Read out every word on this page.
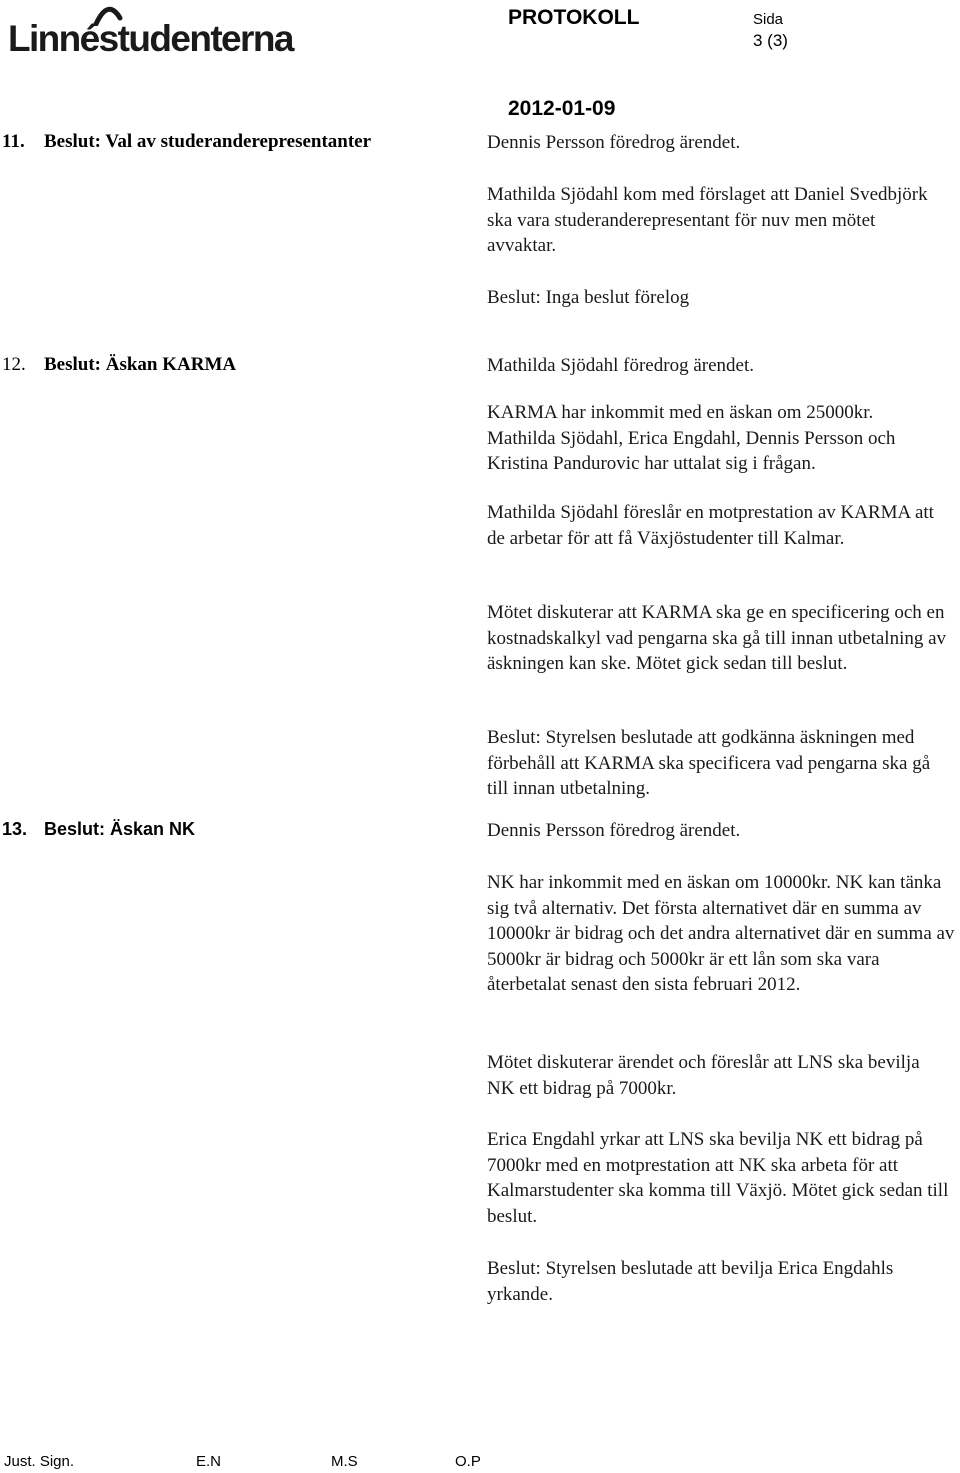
Linnéstudenterna
PROTOKOLL	Sida
3 (3)
2012-01-09
11. Beslut: Val av studeranderepresentanter	Dennis Persson föredrog ärendet.

Mathilda Sjödahl kom med förslaget att Daniel Svedbjörk ska vara studeranderepresentant för nuv men mötet avvaktar.

Beslut: Inga beslut förelog

12. Beslut: Äskan KARMA	Mathilda Sjödahl föredrog ärendet.

KARMA har inkommit med en äskan om 25000kr. Mathilda Sjödahl, Erica Engdahl, Dennis Persson och Kristina Pandurovic har uttalat sig i frågan.

Mathilda Sjödahl föreslår en motprestation av KARMA att de arbetar för att få Växjöstudenter till Kalmar.

Mötet diskuterar att KARMA ska ge en specificering och en kostnadskalkyl vad pengarna ska gå till innan utbetalning av äskningen kan ske. Mötet gick sedan till beslut.

Beslut: Styrelsen beslutade att godkänna äskningen med förbehåll att KARMA ska specificera vad pengarna ska gå till innan utbetalning.

13. Beslut: Äskan NK	Dennis Persson föredrog ärendet.

NK har inkommit med en äskan om 10000kr. NK kan tänka sig två alternativ. Det första alternativet där en summa av 10000kr är bidrag och det andra alternativet där en summa av 5000kr är bidrag och 5000kr är ett lån som ska vara återbetalat senast den sista februari 2012.

Mötet diskuterar ärendet och föreslår att LNS ska bevilja NK ett bidrag på 7000kr.

Erica Engdahl yrkar att LNS ska bevilja NK ett bidrag på 7000kr med en motprestation att NK ska arbeta för att Kalmarstudenter ska komma till Växjö. Mötet gick sedan till beslut.

Beslut: Styrelsen beslutade att bevilja Erica Engdahls yrkande.

Just. Sign.	E.N	M.S	O.P
